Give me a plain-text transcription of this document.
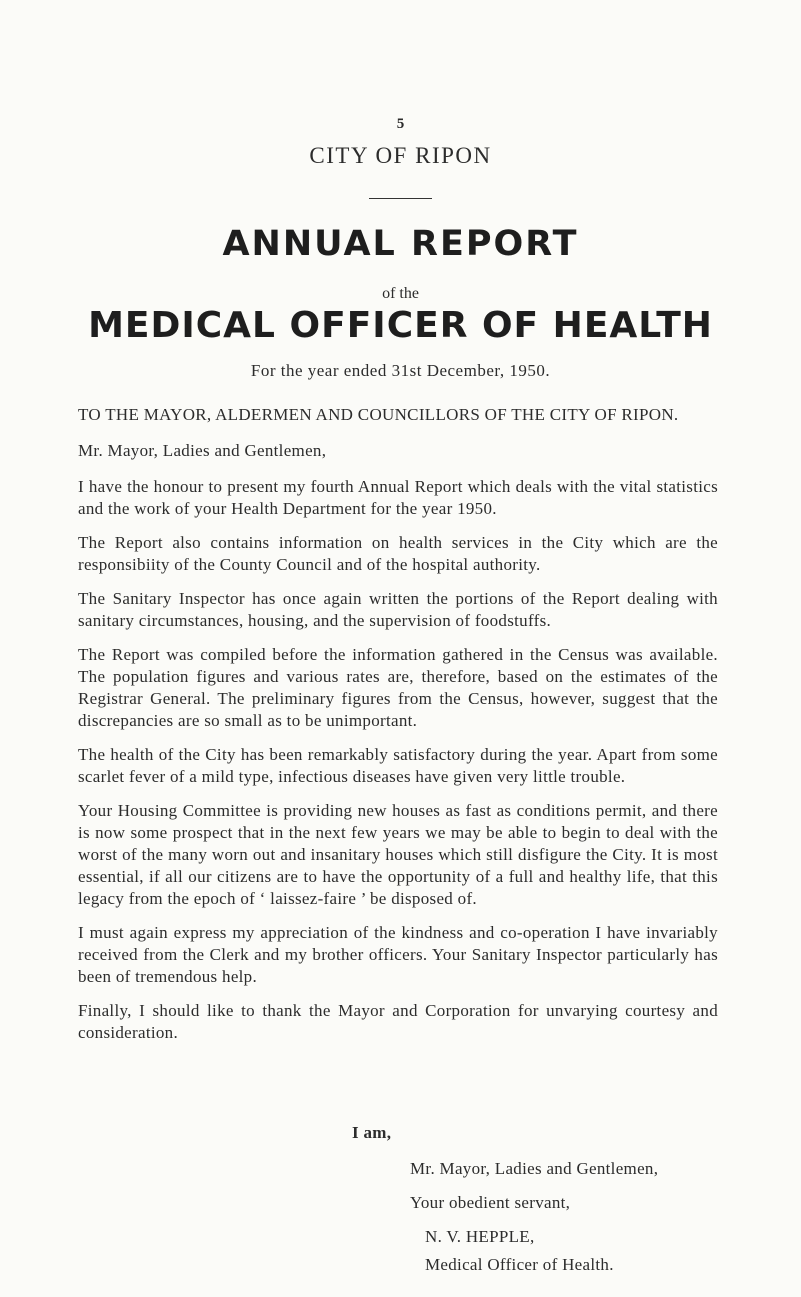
5
CITY OF RIPON
ANNUAL REPORT
of the
MEDICAL OFFICER OF HEALTH
For the year ended 31st December, 1950.

TO THE MAYOR, ALDERMEN AND COUNCILLORS OF THE CITY OF RIPON.

Mr. Mayor, Ladies and Gentlemen,

I have the honour to present my fourth Annual Report which deals with the vital statistics and the work of your Health Department for the year 1950.

The Report also contains information on health services in the City which are the responsibiity of the County Council and of the hospital authority.

The Sanitary Inspector has once again written the portions of the Report dealing with sanitary circumstances, housing, and the supervision of foodstuffs.

The Report was compiled before the information gathered in the Census was available. The population figures and various rates are, therefore, based on the estimates of the Registrar General. The preliminary figures from the Census, however, suggest that the discrepancies are so small as to be unimportant.

The health of the City has been remarkably satisfactory during the year. Apart from some scarlet fever of a mild type, infectious diseases have given very little trouble.

Your Housing Committee is providing new houses as fast as conditions permit, and there is now some prospect that in the next few years we may be able to begin to deal with the worst of the many worn out and insanitary houses which still disfigure the City. It is most essential, if all our citizens are to have the opportunity of a full and healthy life, that this legacy from the epoch of ‘ laissez-faire ’ be disposed of.

I must again express my appreciation of the kindness and co-operation I have invariably received from the Clerk and my brother officers. Your Sanitary Inspector particularly has been of tremendous help.

Finally, I should like to thank the Mayor and Corporation for unvarying courtesy and consideration.

I am,
Mr. Mayor, Ladies and Gentlemen,
Your obedient servant,
N. V. HEPPLE,
Medical Officer of Health.
